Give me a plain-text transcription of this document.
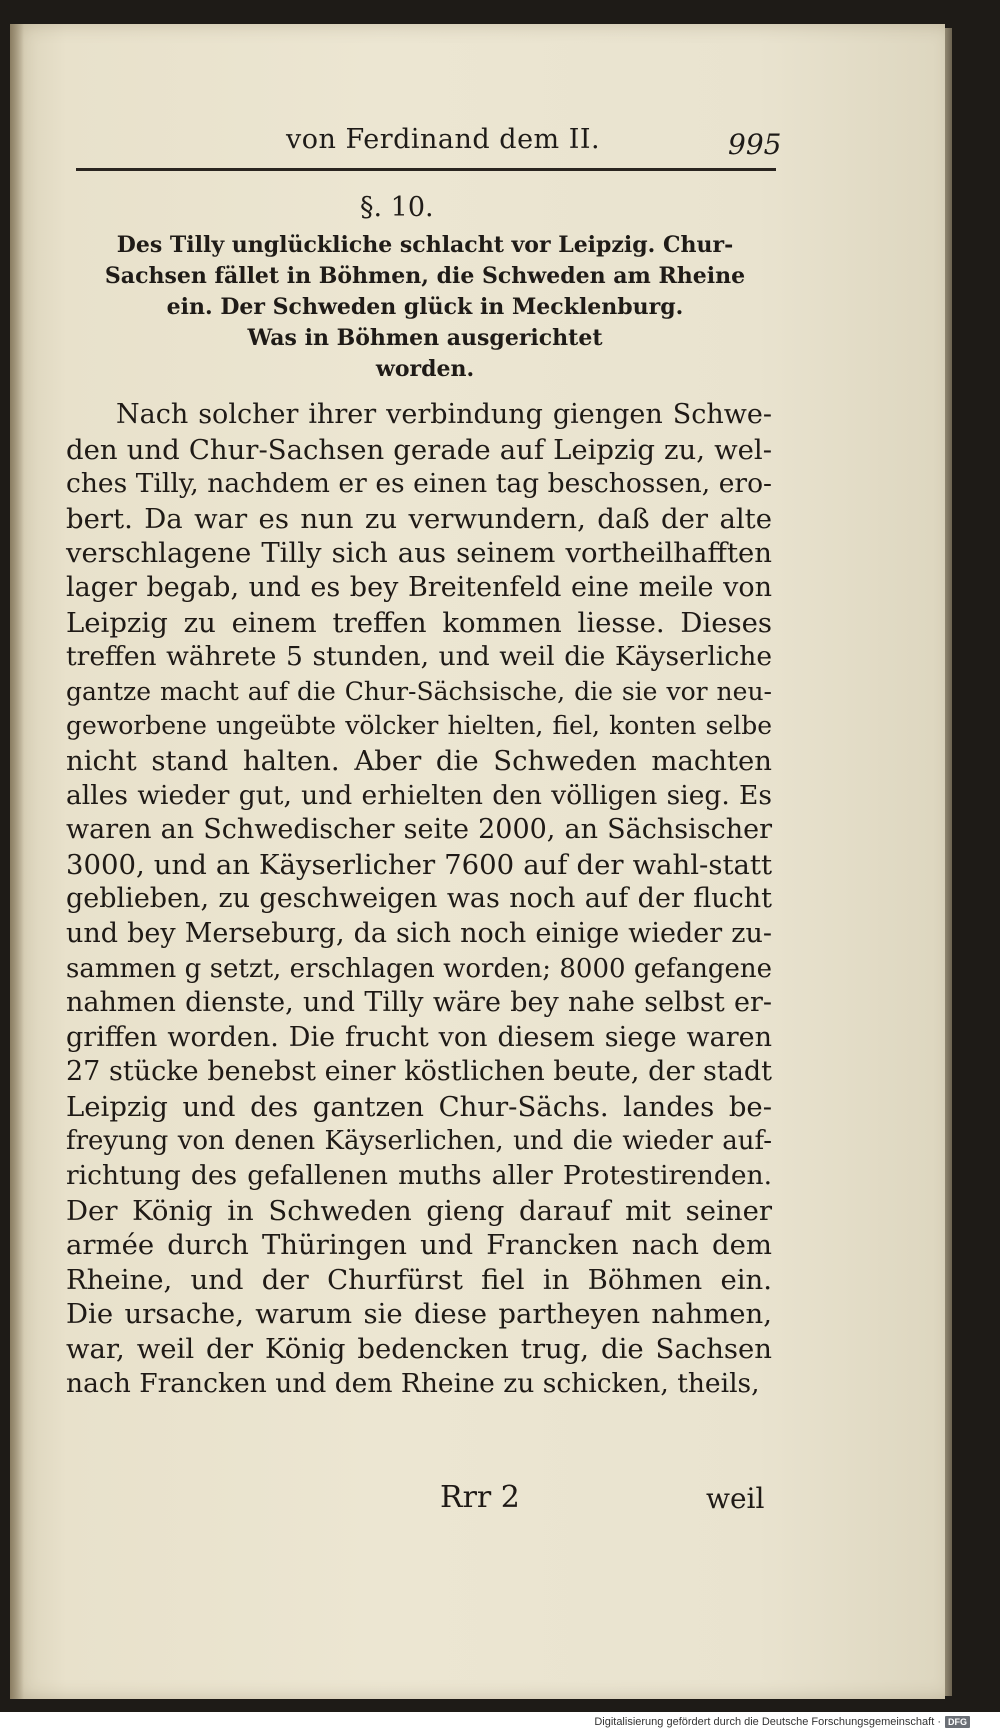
von Ferdinand dem II.	995
§. 10.
Des Tilly unglückliche schlacht vor Leipzig. Chur-
Sachsen fället in Böhmen, die Schweden am Rheine
ein. Der Schweden glück in Mecklenburg.
Was in Böhmen ausgerichtet
worden.
Nach solcher ihrer verbindung giengen Schwe-
den und Chur-Sachsen gerade auf Leipzig zu, wel-
ches Tilly, nachdem er es einen tag beschossen, ero-
bert. Da war es nun zu verwundern, daß der alte
verschlagene Tilly sich aus seinem vortheilhafften
lager begab, und es bey Breitenfeld eine meile von
Leipzig zu einem treffen kommen liesse. Dieses
treffen währete 5 stunden, und weil die Käyserliche
gantze macht auf die Chur-Sächsische, die sie vor neu-
geworbene ungeübte völcker hielten, fiel, konten selbe
nicht stand halten. Aber die Schweden machten
alles wieder gut, und erhielten den völligen sieg. Es
waren an Schwedischer seite 2000, an Sächsischer
3000, und an Käyserlicher 7600 auf der wahl-statt
geblieben, zu geschweigen was noch auf der flucht
und bey Merseburg, da sich noch einige wieder zu-
sammen g setzt, erschlagen worden; 8000 gefangene
nahmen dienste, und Tilly wäre bey nahe selbst er-
griffen worden. Die frucht von diesem siege waren
27 stücke benebst einer köstlichen beute, der stadt
Leipzig und des gantzen Chur-Sächs. landes be-
freyung von denen Käyserlichen, und die wieder auf-
richtung des gefallenen muths aller Protestirenden.
Der König in Schweden gieng darauf mit seiner
armée durch Thüringen und Francken nach dem
Rheine, und der Churfürst fiel in Böhmen ein.
Die ursache, warum sie diese partheyen nahmen,
war, weil der König bedencken trug, die Sachsen
nach Francken und dem Rheine zu schicken, theils,
Rrr 2	weil
Digitalisierung gefördert durch die Deutsche Forschungsgemeinschaft · DFG
